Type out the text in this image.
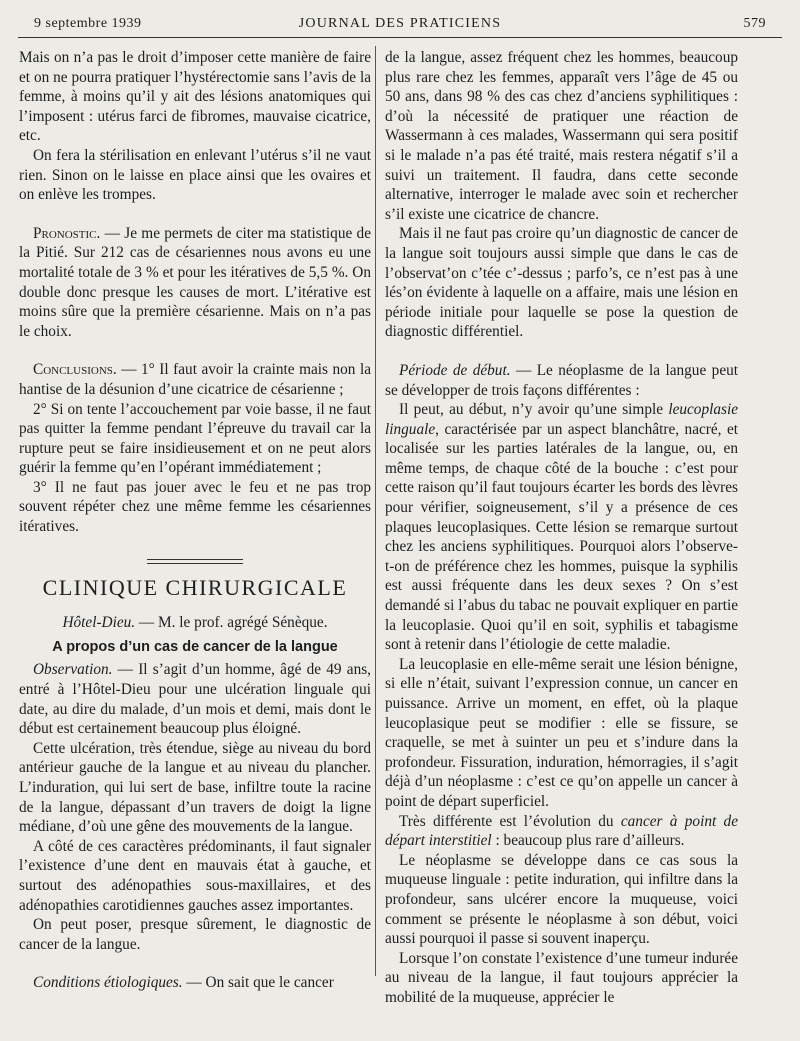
9 septembre 1939	JOURNAL DES PRATICIENS	579

Mais on n’a pas le droit d’imposer cette manière de faire et on ne pourra pratiquer l’hystérectomie sans l’avis de la femme, à moins qu’il y ait des lésions anatomiques qui l’imposent : utérus farci de fibromes, mauvaise cicatrice, etc.

On fera la stérilisation en enlevant l’utérus s’il ne vaut rien. Sinon on le laisse en place ainsi que les ovaires et on enlève les trompes.

Pronostic. — Je me permets de citer ma statistique de la Pitié. Sur 212 cas de césariennes nous avons eu une mortalité totale de 3 % et pour les itératives de 5,5 %. On double donc presque les causes de mort. L’itérative est moins sûre que la première césarienne. Mais on n’a pas le choix.

Conclusions. — 1° Il faut avoir la crainte mais non la hantise de la désunion d’une cicatrice de césarienne ;

2° Si on tente l’accouchement par voie basse, il ne faut pas quitter la femme pendant l’épreuve du travail car la rupture peut se faire insidieusement et on ne peut alors guérir la femme qu’en l’opérant immédiatement ;

3° Il ne faut pas jouer avec le feu et ne pas trop souvent répéter chez une même femme les césariennes itératives.

CLINIQUE CHIRURGICALE

Hôtel-Dieu. — M. le prof. agrégé Sénèque.

A propos d’un cas de cancer de la langue

Observation. — Il s’agit d’un homme, âgé de 49 ans, entré à l’Hôtel-Dieu pour une ulcération linguale qui date, au dire du malade, d’un mois et demi, mais dont le début est certainement beaucoup plus éloigné.

Cette ulcération, très étendue, siège au niveau du bord antérieur gauche de la langue et au niveau du plancher. L’induration, qui lui sert de base, infiltre toute la racine de la langue, dépassant d’un travers de doigt la ligne médiane, d’où une gêne des mouvements de la langue.

A côté de ces caractères prédominants, il faut signaler l’existence d’une dent en mauvais état à gauche, et surtout des adénopathies sous-maxillaires, et des adénopathies carotidiennes gauches assez importantes.

On peut poser, presque sûrement, le diagnostic de cancer de la langue.

Conditions étiologiques. — On sait que le cancer

de la langue, assez fréquent chez les hommes, beaucoup plus rare chez les femmes, apparaît vers l’âge de 45 ou 50 ans, dans 98 % des cas chez d’anciens syphilitiques : d’où la nécessité de pratiquer une réaction de Wassermann à ces malades, Wassermann qui sera positif si le malade n’a pas été traité, mais restera négatif s’il a suivi un traitement. Il faudra, dans cette seconde alternative, interroger le malade avec soin et rechercher s’il existe une cicatrice de chancre.

Mais il ne faut pas croire qu’un diagnostic de cancer de la langue soit toujours aussi simple que dans le cas de l’observat’on c’tée c’-dessus ; parfo’s, ce n’est pas à une lés’on évidente à laquelle on a affaire, mais une lésion en période initiale pour laquelle se pose la question de diagnostic différentiel.

Période de début. — Le néoplasme de la langue peut se développer de trois façons différentes :

Il peut, au début, n’y avoir qu’une simple leucoplasie linguale, caractérisée par un aspect blanchâtre, nacré, et localisée sur les parties latérales de la langue, ou, en même temps, de chaque côté de la bouche : c’est pour cette raison qu’il faut toujours écarter les bords des lèvres pour vérifier, soigneusement, s’il y a présence de ces plaques leucoplasiques. Cette lésion se remarque surtout chez les anciens syphilitiques. Pourquoi alors l’observe-t-on de préférence chez les hommes, puisque la syphilis est aussi fréquente dans les deux sexes ? On s’est demandé si l’abus du tabac ne pouvait expliquer en partie la leucoplasie. Quoi qu’il en soit, syphilis et tabagisme sont à retenir dans l’étiologie de cette maladie.

La leucoplasie en elle-même serait une lésion bénigne, si elle n’était, suivant l’expression connue, un cancer en puissance. Arrive un moment, en effet, où la plaque leucoplasique peut se modifier : elle se fissure, se craquelle, se met à suinter un peu et s’indure dans la profondeur. Fissuration, induration, hémorragies, il s’agit déjà d’un néoplasme : c’est ce qu’on appelle un cancer à point de départ superficiel.

Très différente est l’évolution du cancer à point de départ interstitiel : beaucoup plus rare d’ailleurs.

Le néoplasme se développe dans ce cas sous la muqueuse linguale : petite induration, qui infiltre dans la profondeur, sans ulcérer encore la muqueuse, voici comment se présente le néoplasme à son début, voici aussi pourquoi il passe si souvent inaperçu.

Lorsque l’on constate l’existence d’une tumeur indurée au niveau de la langue, il faut toujours apprécier la mobilité de la muqueuse, apprécier le
